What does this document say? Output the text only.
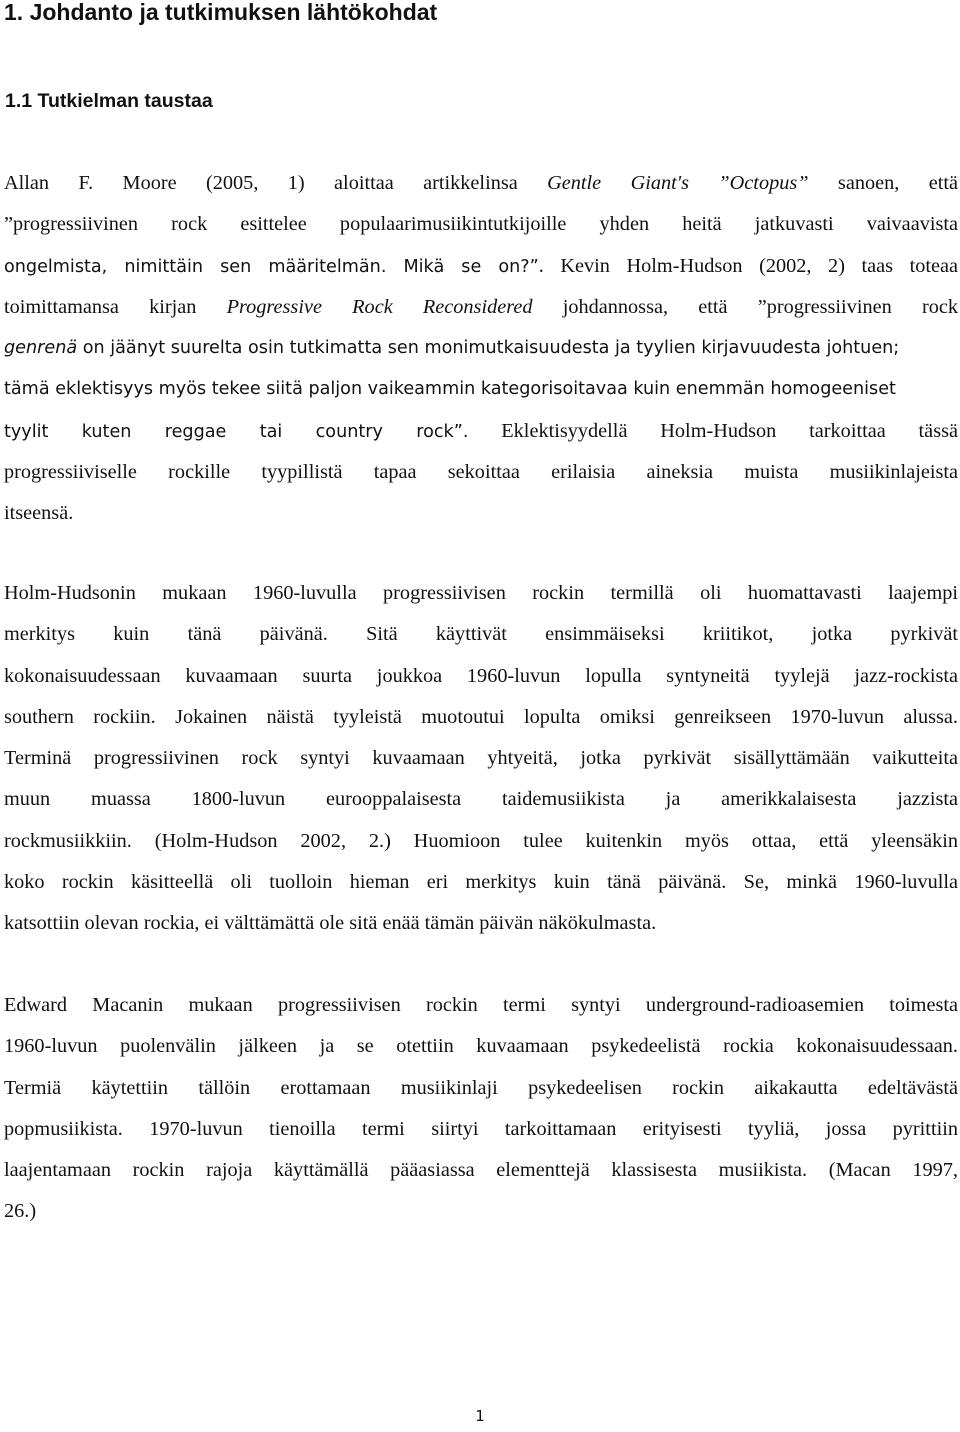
1. Johdanto ja tutkimuksen lähtökohdat
1.1 Tutkielman taustaa
Allan F. Moore (2005, 1) aloittaa artikkelinsa Gentle Giant's ”Octopus” sanoen, että
”progressiivinen rock esittelee populaarimusiikintutkijoille yhden heitä jatkuvasti vaivaavista
ongelmista, nimittäin sen määritelmän. Mikä se on?”. Kevin Holm-Hudson (2002, 2) taas toteaa
toimittamansa kirjan Progressive Rock Reconsidered johdannossa, että ”progressiivinen rock
genrenä on jäänyt suurelta osin tutkimatta sen monimutkaisuudesta ja tyylien kirjavuudesta johtuen;
tämä eklektisyys myös tekee siitä paljon vaikeammin kategorisoitavaa kuin enemmän homogeeniset
tyylit kuten reggae tai country rock”. Eklektisyydellä Holm-Hudson tarkoittaa tässä
progressiiviselle rockille tyypillistä tapaa sekoittaa erilaisia aineksia muista musiikinlajeista
itseensä.
Holm-Hudsonin mukaan 1960-luvulla progressiivisen rockin termillä oli huomattavasti laajempi
merkitys kuin tänä päivänä. Sitä käyttivät ensimmäiseksi kriitikot, jotka pyrkivät
kokonaisuudessaan kuvaamaan suurta joukkoa 1960-luvun lopulla syntyneitä tyylejä jazz-rockista
southern rockiin. Jokainen näistä tyyleistä muotoutui lopulta omiksi genreikseen 1970-luvun alussa.
Terminä progressiivinen rock syntyi kuvaamaan yhtyeitä, jotka pyrkivät sisällyttämään vaikutteita
muun muassa 1800-luvun eurooppalaisesta taidemusiikista ja amerikkalaisesta jazzista
rockmusiikkiin. (Holm-Hudson 2002, 2.) Huomioon tulee kuitenkin myös ottaa, että yleensäkin
koko rockin käsitteellä oli tuolloin hieman eri merkitys kuin tänä päivänä. Se, minkä 1960-luvulla
katsottiin olevan rockia, ei välttämättä ole sitä enää tämän päivän näkökulmasta.
Edward Macanin mukaan progressiivisen rockin termi syntyi underground-radioasemien toimesta
1960-luvun puolenvälin jälkeen ja se otettiin kuvaamaan psykedeelistä rockia kokonaisuudessaan.
Termiä käytettiin tällöin erottamaan musiikinlaji psykedeelisen rockin aikakautta edeltävästä
popmusiikista. 1970-luvun tienoilla termi siirtyi tarkoittamaan erityisesti tyyliä, jossa pyrittiin
laajentamaan rockin rajoja käyttämällä pääasiassa elementtejä klassisesta musiikista. (Macan 1997,
26.)
1
